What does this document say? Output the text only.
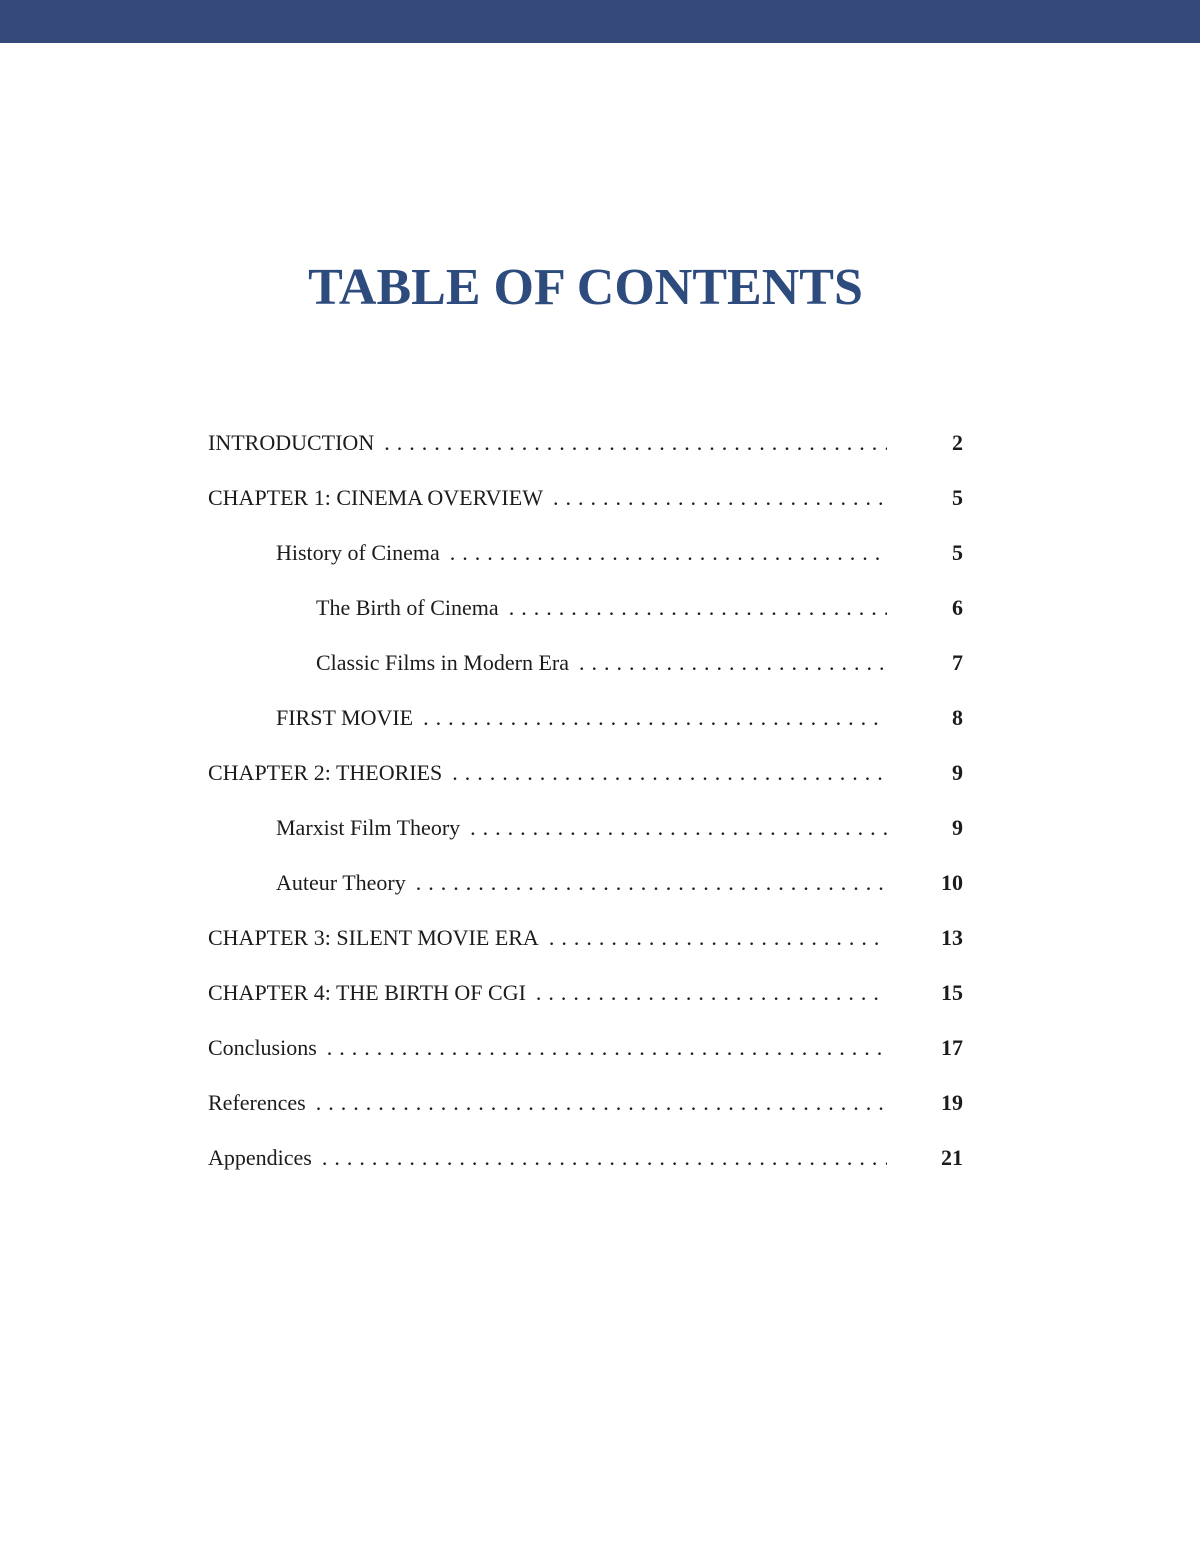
TABLE OF CONTENTS
INTRODUCTION .....	2
CHAPTER 1: CINEMA OVERVIEW .....	5
History of Cinema .....	5
The Birth of Cinema .....	6
Classic Films in Modern Era .....	7
FIRST MOVIE .....	8
CHAPTER 2: THEORIES .....	9
Marxist Film Theory .....	9
Auteur Theory .....	10
CHAPTER 3: SILENT MOVIE ERA .....	13
CHAPTER 4: THE BIRTH OF CGI .....	15
Conclusions .....	17
References .....	19
Appendices .....	21
